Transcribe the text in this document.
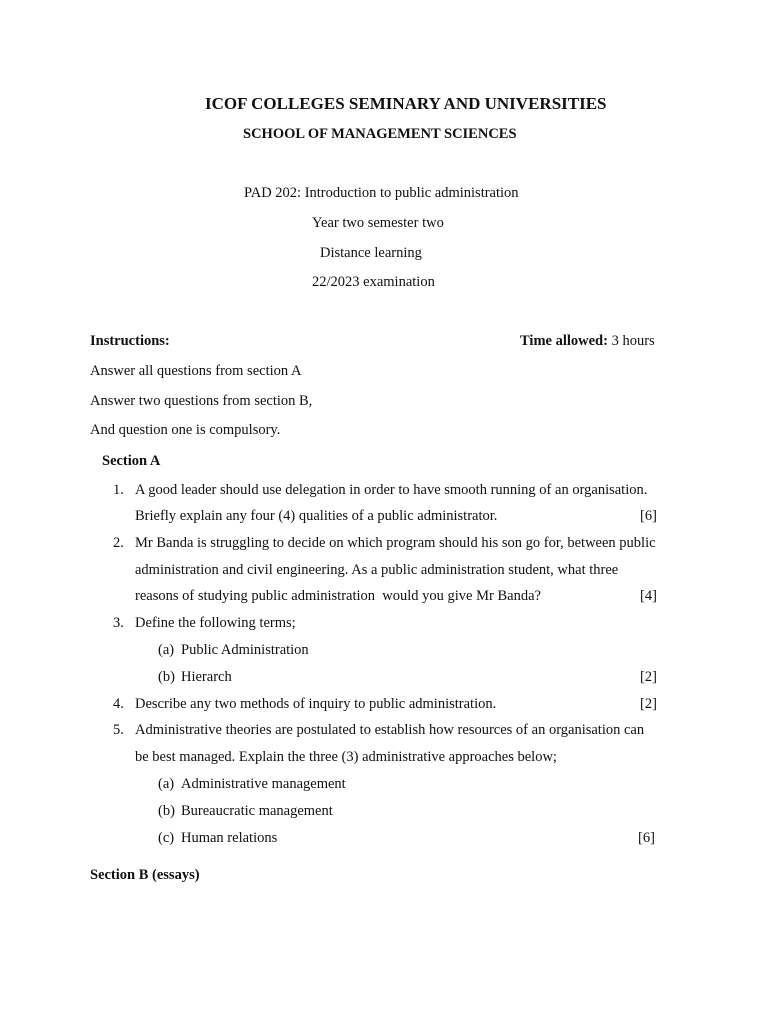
ICOF COLLEGES SEMINARY AND UNIVERSITIES
SCHOOL OF MANAGEMENT SCIENCES
PAD 202: Introduction to public administration
Year two semester two
Distance learning
22/2023 examination
Instructions:	Time allowed: 3 hours
Answer all questions from section A
Answer two questions from section B,
And question one is compulsory.
Section A
1. A good leader should use delegation in order to have smooth running of an organisation.
Briefly explain any four (4) qualities of a public administrator.	[6]
2. Mr Banda is struggling to decide on which program should his son go for, between public
administration and civil engineering. As a public administration student, what three
reasons of studying public administration  would you give Mr Banda?	[4]
3. Define the following terms;
(a) Public Administration
(b) Hierarch	[2]
4. Describe any two methods of inquiry to public administration.	[2]
5. Administrative theories are postulated to establish how resources of an organisation can
be best managed. Explain the three (3) administrative approaches below;
(a) Administrative management
(b) Bureaucratic management
(c) Human relations	[6]
Section B (essays)
